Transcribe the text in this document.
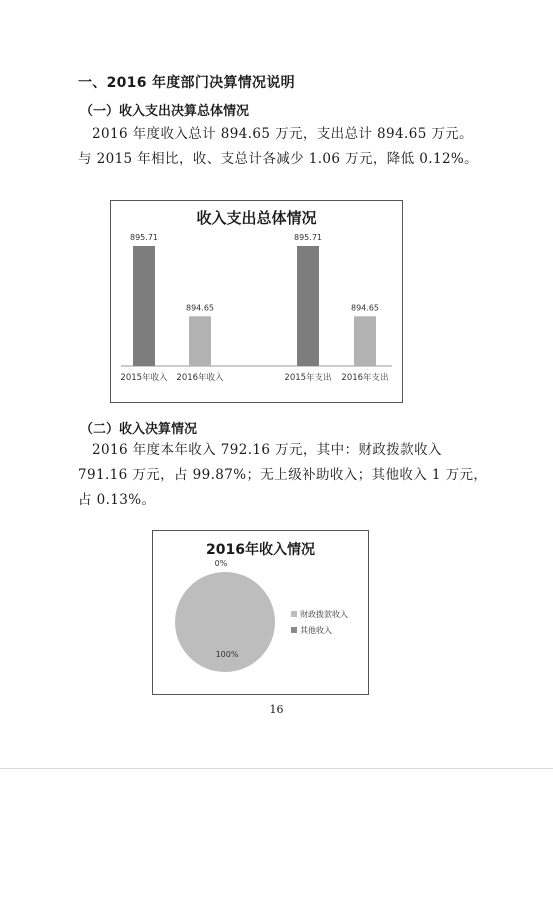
一、2016 年度部门决算情况说明
（一）收入支出决算总体情况
2016 年度收入总计 894.65 万元，支出总计 894.65 万元。
与 2015 年相比，收、支总计各减少 1.06 万元，降低 0.12%。
收入支出总体情况
895.71
2015年收入
894.65
2016年收入
895.71
2015年支出
894.65
2016年支出
（二）收入决算情况
2016 年度本年收入 792.16 万元，其中：财政拨款收入
791.16 万元，占 99.87%；无上级补助收入；其他收入 1 万元，
占 0.13%。
2016年收入情况
100%
0%
财政拨款收入
其他收入
16
